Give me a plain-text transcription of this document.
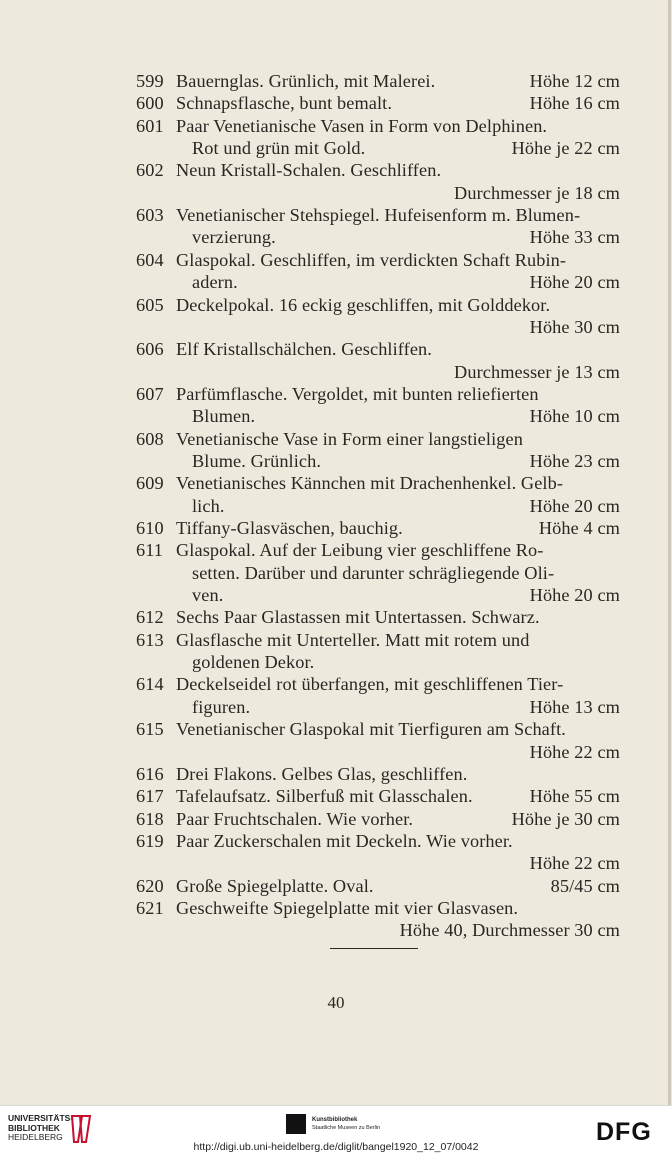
599 Bauernglas. Grünlich, mit Malerei.	Höhe 12 cm
600 Schnapsflasche, bunt bemalt.	Höhe 16 cm
601 Paar Venetianische Vasen in Form von Delphinen.
Rot und grün mit Gold.	Höhe je 22 cm
602 Neun Kristall-Schalen. Geschliffen.
Durchmesser je 18 cm
603 Venetianischer Stehspiegel. Hufeisenform m. Blumen-
verzierung.	Höhe 33 cm
604 Glaspokal. Geschliffen, im verdickten Schaft Rubin-
adern.	Höhe 20 cm
605 Deckelpokal. 16 eckig geschliffen, mit Golddekor.
Höhe 30 cm
606 Elf Kristallschälchen. Geschliffen.
Durchmesser je 13 cm
607 Parfümflasche. Vergoldet, mit bunten reliefierten
Blumen.	Höhe 10 cm
608 Venetianische Vase in Form einer langstieligen
Blume. Grünlich.	Höhe 23 cm
609 Venetianisches Kännchen mit Drachenhenkel. Gelb-
lich.	Höhe 20 cm
610 Tiffany-Glasväschen, bauchig.	Höhe 4 cm
611 Glaspokal. Auf der Leibung vier geschliffene Ro-
setten. Darüber und darunter schrägliegende Oli-
ven.	Höhe 20 cm
612 Sechs Paar Glastassen mit Untertassen. Schwarz.
613 Glasflasche mit Unterteller. Matt mit rotem und
goldenen Dekor.
614 Deckelseidel rot überfangen, mit geschliffenen Tier-
figuren.	Höhe 13 cm
615 Venetianischer Glaspokal mit Tierfiguren am Schaft.
Höhe 22 cm
616 Drei Flakons. Gelbes Glas, geschliffen.
617 Tafelaufsatz. Silberfuß mit Glasschalen.	Höhe 55 cm
618 Paar Fruchtschalen. Wie vorher.	Höhe je 30 cm
619 Paar Zuckerschalen mit Deckeln. Wie vorher.
Höhe 22 cm
620 Große Spiegelplatte. Oval.	85/45 cm
621 Geschweifte Spiegelplatte mit vier Glasvasen.
Höhe 40, Durchmesser 30 cm
40
UNIVERSITÄTS-
BIBLIOTHEK
HEIDELBERG
Kunstbibliothek
Staatliche Museen zu Berlin	DFG
http://digi.ub.uni-heidelberg.de/diglit/bangel1920_12_07/0042
